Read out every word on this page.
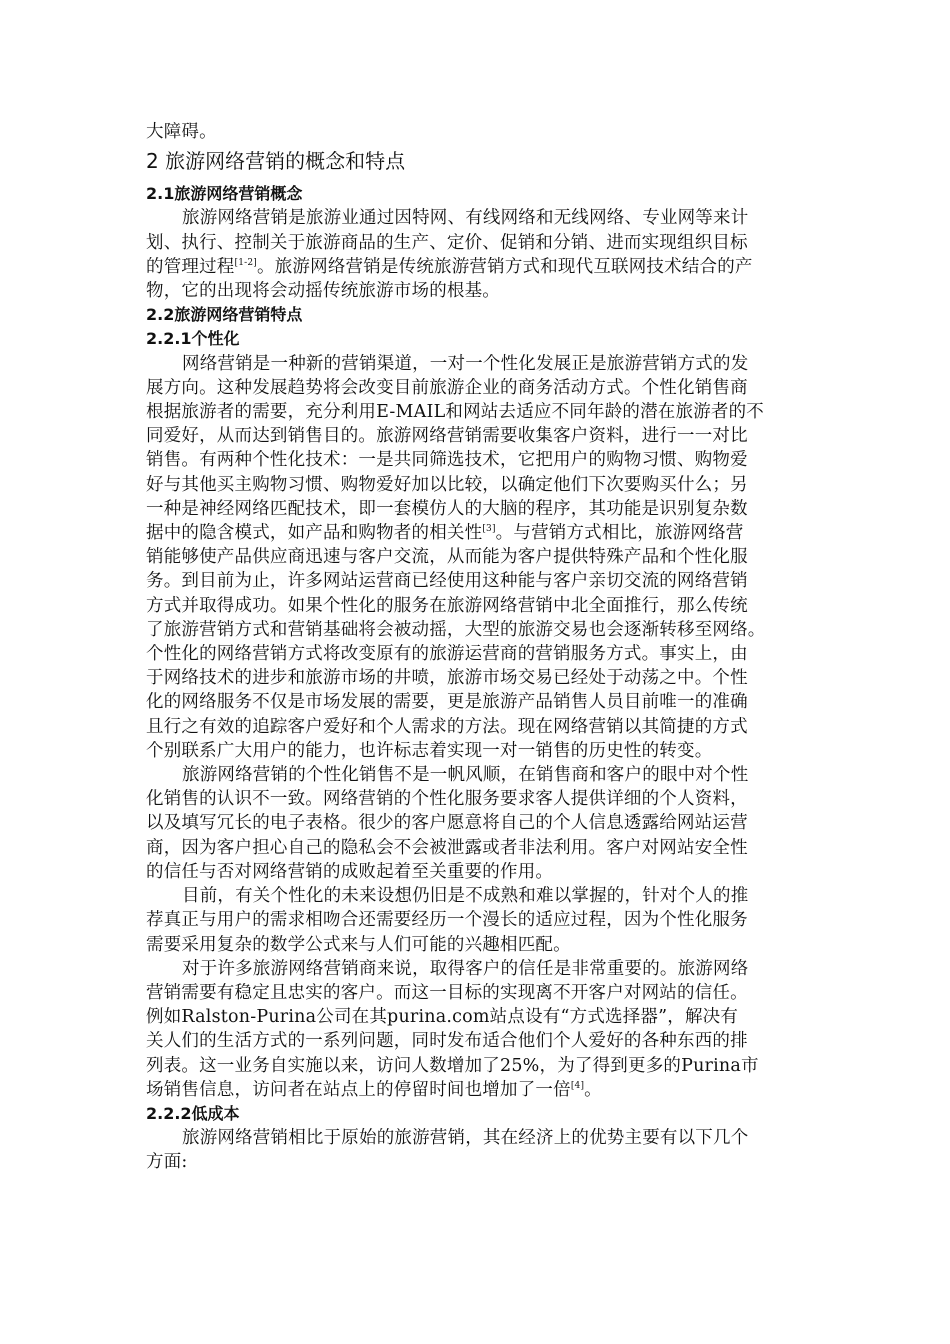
大障碍。
2 旅游网络营销的概念和特点
2.1旅游网络营销概念
旅游网络营销是旅游业通过因特网、有线网络和无线网络、专业网等来计
划、执行、控制关于旅游商品的生产、定价、促销和分销、进而实现组织目标
的管理过程[1-2]。旅游网络营销是传统旅游营销方式和现代互联网技术结合的产
物，它的出现将会动摇传统旅游市场的根基。
2.2旅游网络营销特点
2.2.1个性化
网络营销是一种新的营销渠道，一对一个性化发展正是旅游营销方式的发
展方向。这种发展趋势将会改变目前旅游企业的商务活动方式。个性化销售商
根据旅游者的需要，充分利用E-MAIL和网站去适应不同年龄的潜在旅游者的不
同爱好，从而达到销售目的。旅游网络营销需要收集客户资料，进行一一对比
销售。有两种个性化技术：一是共同筛选技术，它把用户的购物习惯、购物爱
好与其他买主购物习惯、购物爱好加以比较，以确定他们下次要购买什么；另
一种是神经网络匹配技术，即一套模仿人的大脑的程序，其功能是识别复杂数
据中的隐含模式，如产品和购物者的相关性[3]。与营销方式相比，旅游网络营
销能够使产品供应商迅速与客户交流，从而能为客户提供特殊产品和个性化服
务。到目前为止，许多网站运营商已经使用这种能与客户亲切交流的网络营销
方式并取得成功。如果个性化的服务在旅游网络营销中北全面推行，那么传统
了旅游营销方式和营销基础将会被动摇，大型的旅游交易也会逐渐转移至网络。
个性化的网络营销方式将改变原有的旅游运营商的营销服务方式。事实上，由
于网络技术的进步和旅游市场的井喷，旅游市场交易已经处于动荡之中。个性
化的网络服务不仅是市场发展的需要，更是旅游产品销售人员目前唯一的准确
且行之有效的追踪客户爱好和个人需求的方法。现在网络营销以其简捷的方式
个别联系广大用户的能力，也许标志着实现一对一销售的历史性的转变。
旅游网络营销的个性化销售不是一帆风顺，在销售商和客户的眼中对个性
化销售的认识不一致。网络营销的个性化服务要求客人提供详细的个人资料，
以及填写冗长的电子表格。很少的客户愿意将自己的个人信息透露给网站运营
商，因为客户担心自己的隐私会不会被泄露或者非法利用。客户对网站安全性
的信任与否对网络营销的成败起着至关重要的作用。
目前，有关个性化的未来设想仍旧是不成熟和难以掌握的，针对个人的推
荐真正与用户的需求相吻合还需要经历一个漫长的适应过程，因为个性化服务
需要采用复杂的数学公式来与人们可能的兴趣相匹配。
对于许多旅游网络营销商来说，取得客户的信任是非常重要的。旅游网络
营销需要有稳定且忠实的客户。而这一目标的实现离不开客户对网站的信任。
例如Ralston-Purina公司在其purina.com站点设有“方式选择器”，解决有
关人们的生活方式的一系列问题，同时发布适合他们个人爱好的各种东西的排
列表。这一业务自实施以来，访问人数增加了25%，为了得到更多的Purina市
场销售信息，访问者在站点上的停留时间也增加了一倍[4]。
2.2.2低成本
旅游网络营销相比于原始的旅游营销，其在经济上的优势主要有以下几个
方面:
